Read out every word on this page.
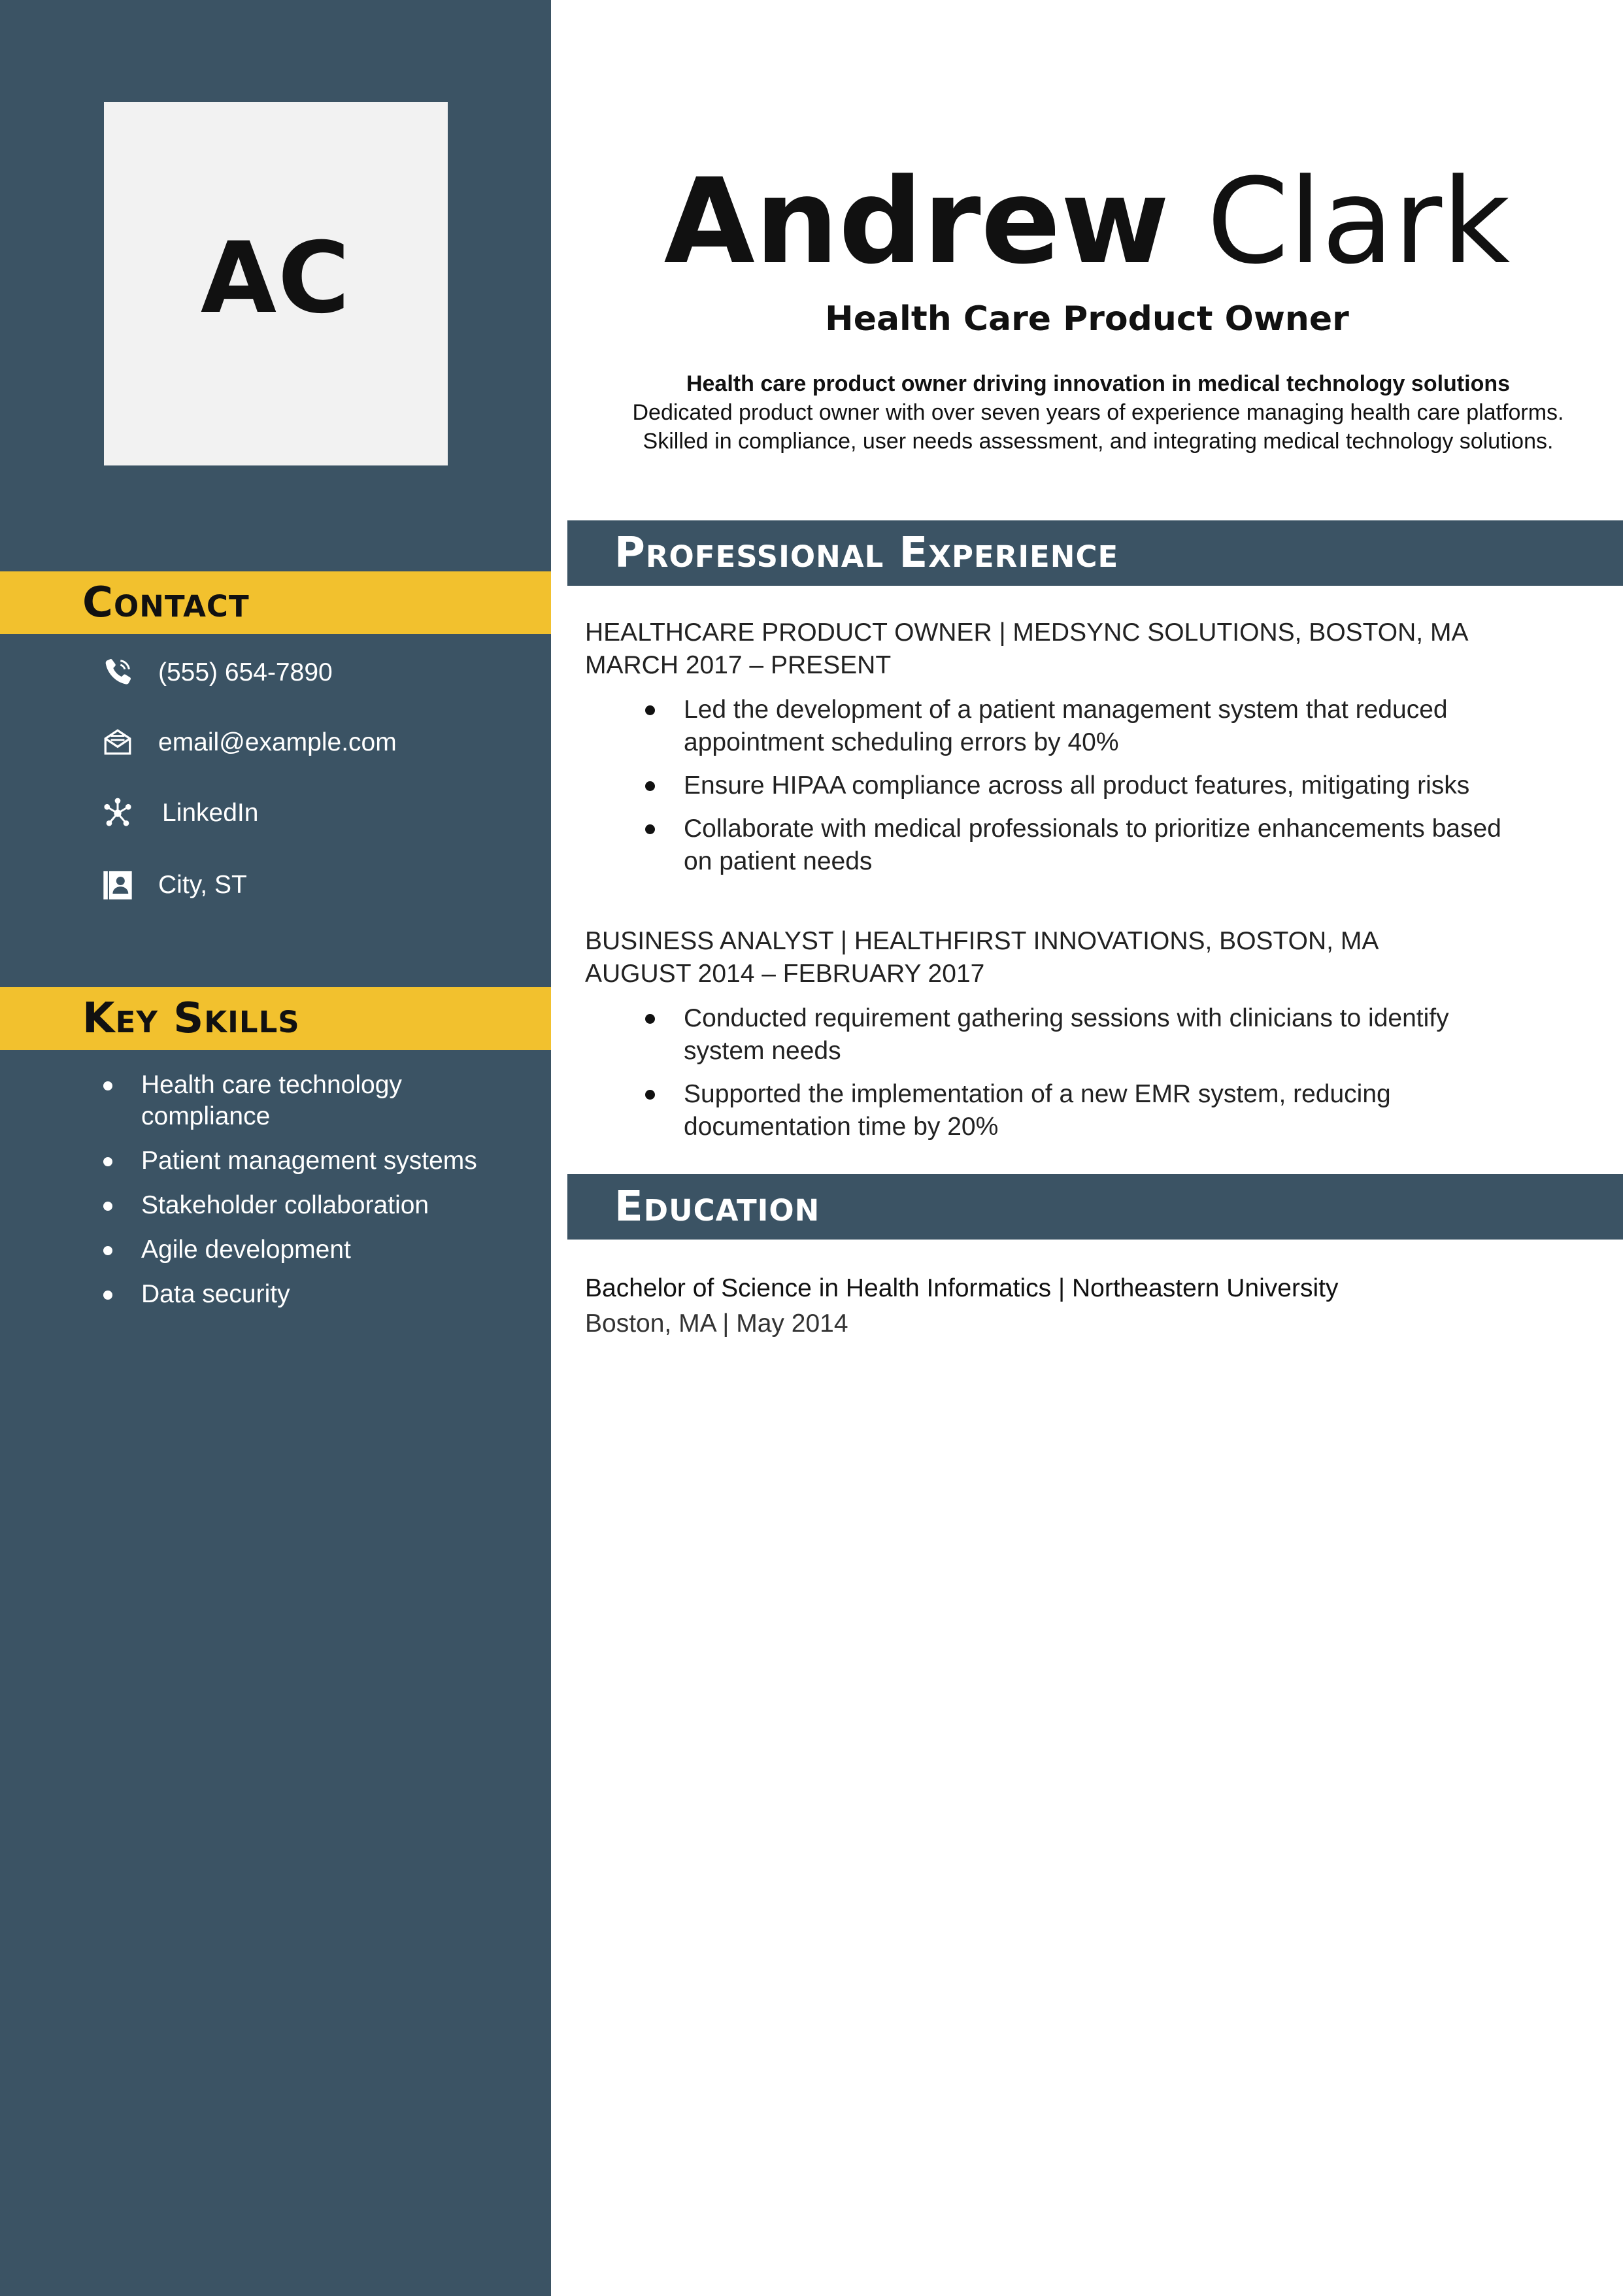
AC
Contact
(555) 654-7890
email@example.com
LinkedIn
City, ST
Key Skills
Health care technology compliance
Patient management systems
Stakeholder collaboration
Agile development
Data security
Andrew Clark
Health Care Product Owner
Health care product owner driving innovation in medical technology solutions
Dedicated product owner with over seven years of experience managing health care platforms.
Skilled in compliance, user needs assessment, and integrating medical technology solutions.
Professional Experience
HEALTHCARE PRODUCT OWNER | MEDSYNC SOLUTIONS, BOSTON, MA
MARCH 2017 – PRESENT
Led the development of a patient management system that reduced appointment scheduling errors by 40%
Ensure HIPAA compliance across all product features, mitigating risks
Collaborate with medical professionals to prioritize enhancements based on patient needs
BUSINESS ANALYST | HEALTHFIRST INNOVATIONS, BOSTON, MA
AUGUST 2014 – FEBRUARY 2017
Conducted requirement gathering sessions with clinicians to identify system needs
Supported the implementation of a new EMR system, reducing documentation time by 20%
Education
Bachelor of Science in Health Informatics | Northeastern University
Boston, MA | May 2014
